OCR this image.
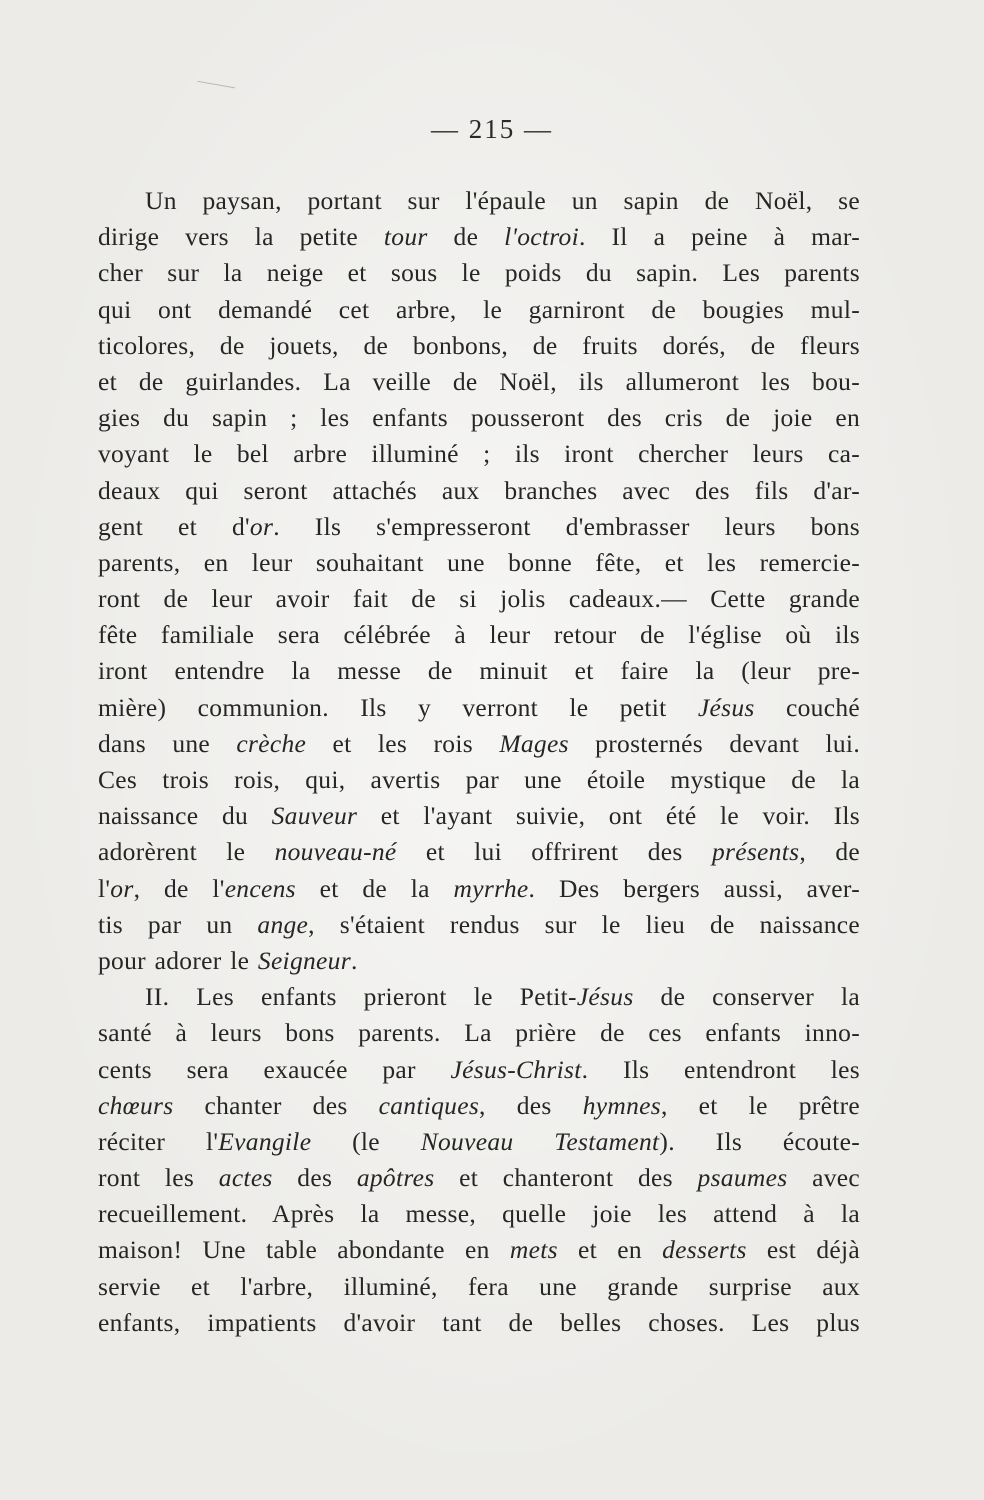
— 215 —
Un paysan, portant sur l'épaule un sapin de Noël, se
dirige vers la petite tour de l'octroi. Il a peine à mar-
cher sur la neige et sous le poids du sapin. Les parents
qui ont demandé cet arbre, le garniront de bougies mul-
ticolores, de jouets, de bonbons, de fruits dorés, de fleurs
et de guirlandes. La veille de Noël, ils allumeront les bou-
gies du sapin ; les enfants pousseront des cris de joie en
voyant le bel arbre illuminé ; ils iront chercher leurs ca-
deaux qui seront attachés aux branches avec des fils d'ar-
gent et d'or. Ils s'empresseront d'embrasser leurs bons
parents, en leur souhaitant une bonne fête, et les remercie-
ront de leur avoir fait de si jolis cadeaux.— Cette grande
fête familiale sera célébrée à leur retour de l'église où ils
iront entendre la messe de minuit et faire la (leur pre-
mière) communion. Ils y verront le petit Jésus couché
dans une crèche et les rois Mages prosternés devant lui.
Ces trois rois, qui, avertis par une étoile mystique de la
naissance du Sauveur et l'ayant suivie, ont été le voir. Ils
adorèrent le nouveau-né et lui offrirent des présents, de
l'or, de l'encens et de la myrrhe. Des bergers aussi, aver-
tis par un ange, s'étaient rendus sur le lieu de naissance
pour adorer le Seigneur.
II. Les enfants prieront le Petit-Jésus de conserver la
santé à leurs bons parents. La prière de ces enfants inno-
cents sera exaucée par Jésus-Christ. Ils entendront les
chœurs chanter des cantiques, des hymnes, et le prêtre
réciter l'Evangile (le Nouveau Testament). Ils écoute-
ront les actes des apôtres et chanteront des psaumes avec
recueillement. Après la messe, quelle joie les attend à la
maison! Une table abondante en mets et en desserts est déjà
servie et l'arbre, illuminé, fera une grande surprise aux
enfants, impatients d'avoir tant de belles choses. Les plus
